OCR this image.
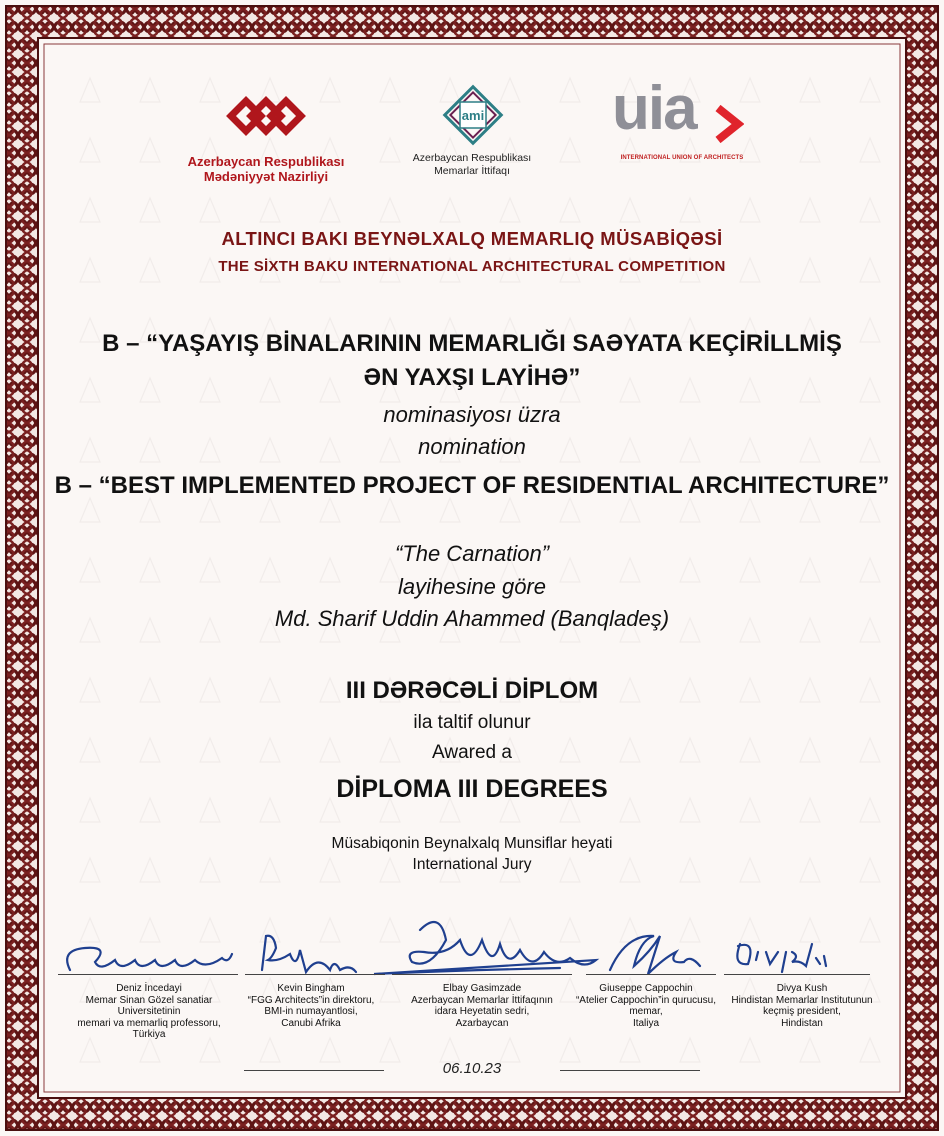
Azerbaycan Respublikası
Mədəniyyət Nazirliyi
ami
Azerbaycan Respublikası
Memarlar İttifaqı
uia
INTERNATIONAL UNION OF ARCHITECTS
ALTINCI BAKI BEYNƏLXALQ MEMARLIQ MÜSABİQƏSİ
THE SİXTH BAKU INTERNATIONAL ARCHITECTURAL COMPETITION
B – “YAŞAYIŞ BİNALARININ MEMARLIĞI SAƏYATA KEÇİRİLLMİŞ
ƏN YAXŞI LAYİHƏ”
nominasiyosı üzra
nomination
B – “BEST IMPLEMENTED PROJECT OF RESIDENTIAL ARCHITECTURE”
“The Carnation”
layihesine göre
Md. Sharif Uddin Ahammed (Banqladeş)
III DƏRƏCƏLİ DİPLOM
ila taltif olunur
Awared a
DİPLOMA III DEGREES
Müsabiqonin Beynalxalq Munsiflar heyati
International Jury
Deniz İncedayi
Memar Sinan Gözel sanatiar
Universitetinin
memari va memarliq professoru,
Türkiya
Kevin Bingham
“FGG Architects”in direktoru,
BMI-in numayantlosi,
Canubi Afrika
Elbay Gasimzade
Azerbaycan Memarlar İttifaqının
idara Heyetatin sedri,
Azarbaycan
Giuseppe Cappochin
“Atelier Cappochin”in qurucusu,
memar,
Italiya
Divya Kush
Hindistan Memarlar Institutunun
keçmiş president,
Hindistan
06.10.23
